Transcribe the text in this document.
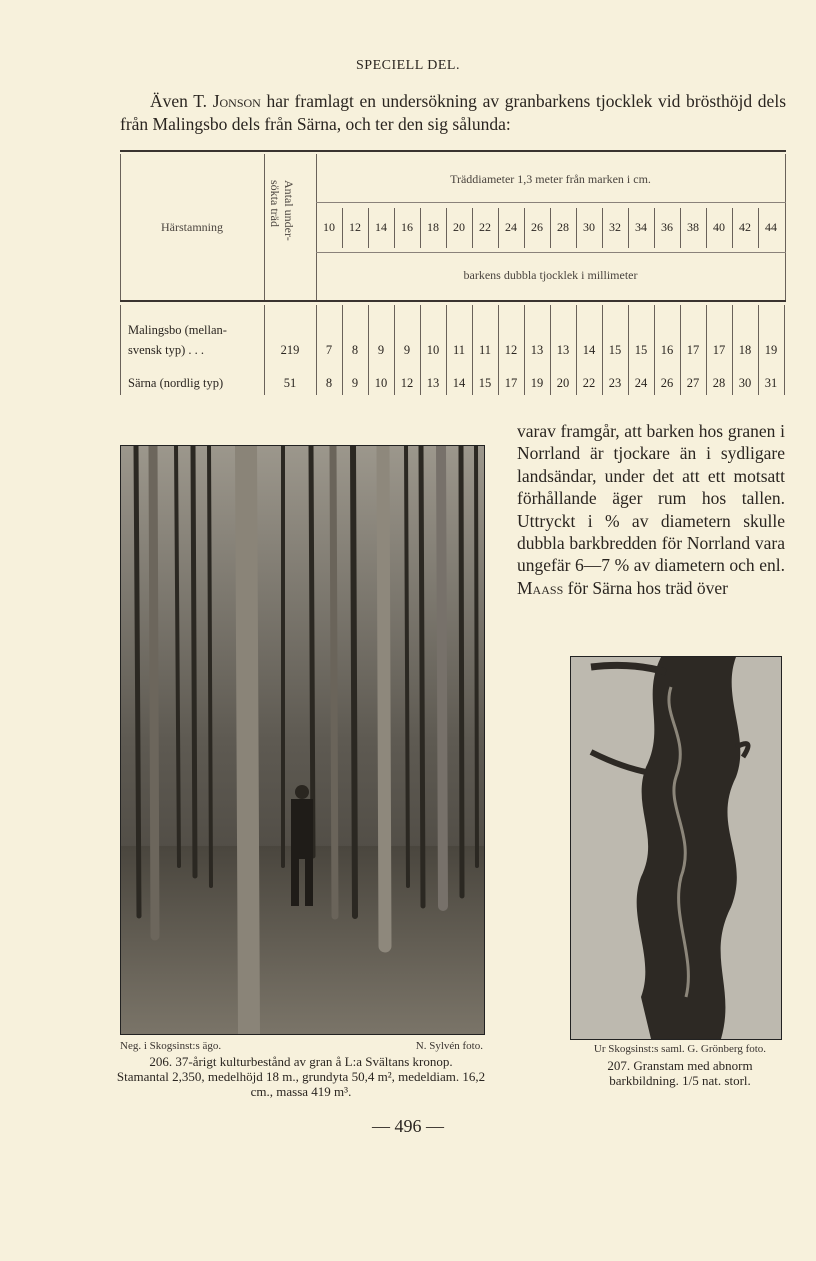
SPECIELL DEL.

Även T. Jonson har framlagt en undersökning av granbarkens tjocklek vid brösthöjd dels från Malingsbo dels från Särna, och ter den sig sålunda:

Härstamning	Antal under-
sökta träd
Träddiameter 1,3 meter från marken i cm.
10	12	14	16	18	20	22	24	26	28	30	32	34	36	38	40	42	44
barkens dubbla tjocklek i millimeter
Malingsbo (mellan-
svensk typ) . . .	219	7	8	9	9	10	11	11	12	13	13	14	15	15	16	17	17	18	19
Särna (nordlig typ)	51	8	9	10	12	13	14	15	17	19	20	22	23	24	26	27	28	30	31

varav framgår, att barken hos granen i Norrland är tjockare än i sydligare landsändar, under det att ett motsatt förhållande äger rum hos tallen. Uttryckt i % av diametern skulle dubbla barkbredden för Norrland vara ungefär 6—7 % av diametern och enl. Maass för Särna hos träd över

Neg. i Skogsinst:s ägo.	N. Sylvén foto.

206. 37-årigt kulturbestånd av gran å L:a Svältans kronop.

Stamantal 2,350, medelhöjd 18 m., grundyta 50,4 m², medeldiam. 16,2 cm., massa 419 m³.

Ur Skogsinst:s saml. G. Grönberg foto.

207. Granstam med abnorm barkbildning. 1/5 nat. storl.

— 496 —
